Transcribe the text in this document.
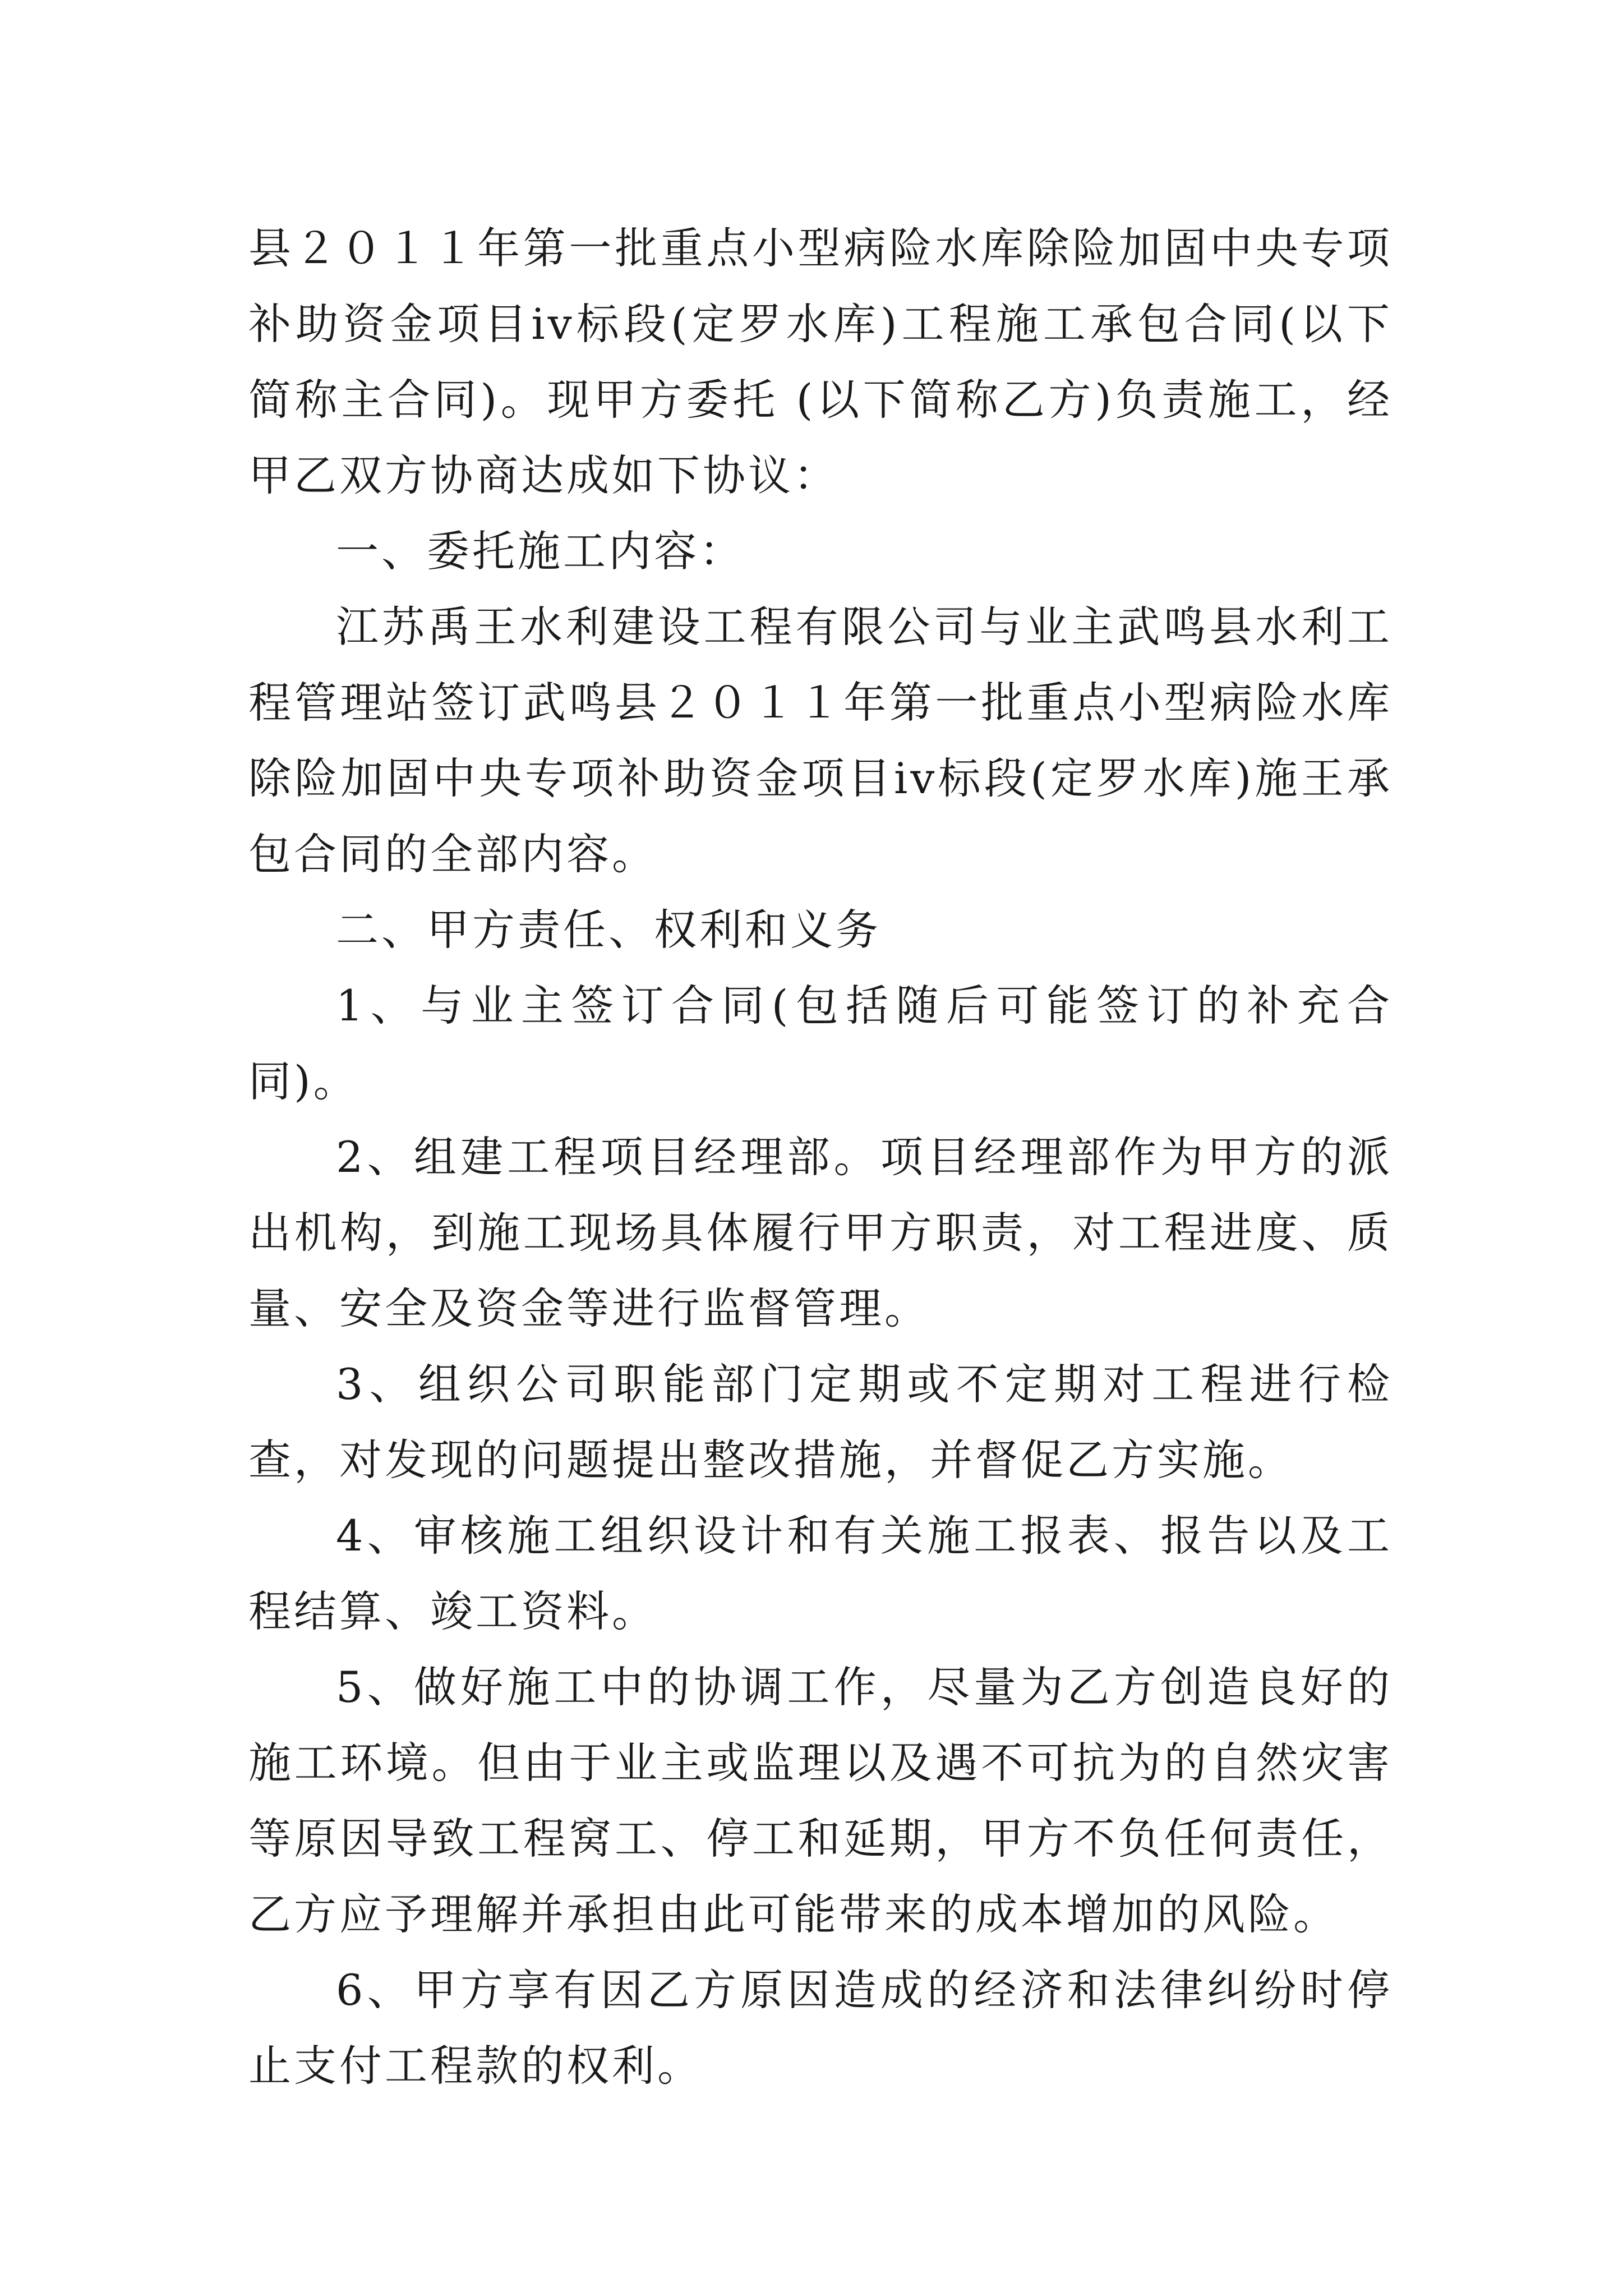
县２０１１年第一批重点小型病险水库除险加固中央专项补助资金项目iv标段(定罗水库)工程施工承包合同(以下简称主合同)。现甲方委托 (以下简称乙方)负责施工，经甲乙双方协商达成如下协议：

一、委托施工内容：

江苏禹王水利建设工程有限公司与业主武鸣县水利工程管理站签订武鸣县２０１１年第一批重点小型病险水库除险加固中央专项补助资金项目iv标段(定罗水库)施王承包合同的全部内容。

二、甲方责任、权利和义务

1、与业主签订合同(包括随后可能签订的补充合同)。

2、组建工程项目经理部。项目经理部作为甲方的派出机构，到施工现场具体履行甲方职责，对工程进度、质量、安全及资金等进行监督管理。

3、组织公司职能部门定期或不定期对工程进行检查，对发现的问题提出整改措施，并督促乙方实施。

4、审核施工组织设计和有关施工报表、报告以及工程结算、竣工资料。

5、做好施工中的协调工作，尽量为乙方创造良好的施工环境。但由于业主或监理以及遇不可抗为的自然灾害等原因导致工程窝工、停工和延期，甲方不负任何责任，乙方应予理解并承担由此可能带来的成本增加的风险。

6、甲方享有因乙方原因造成的经济和法律纠纷时停止支付工程款的权利。
